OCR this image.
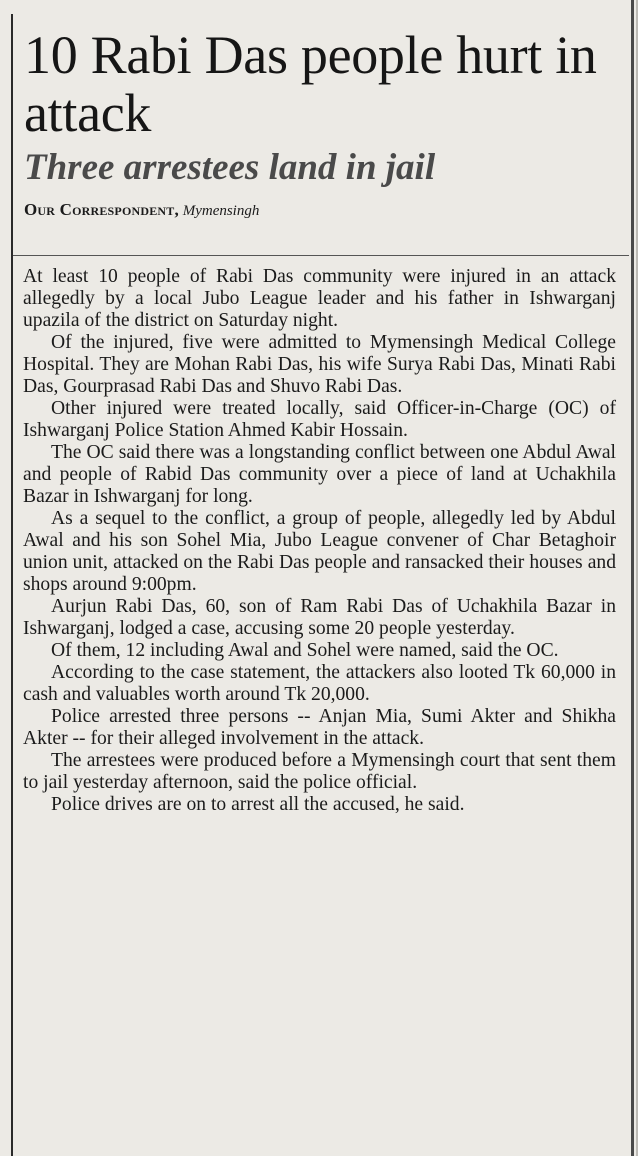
10 Rabi Das people hurt in attack
Three arrestees land in jail
Our Correspondent, Mymensingh

At least 10 people of Rabi Das community were injured in an attack allegedly by a local Jubo League leader and his father in Ishwarganj upazila of the district on Saturday night.

Of the injured, five were admitted to Mymensingh Medical College Hospital. They are Mohan Rabi Das, his wife Surya Rabi Das, Minati Rabi Das, Gourprasad Rabi Das and Shuvo Rabi Das.

Other injured were treated locally, said Officer-in-Charge (OC) of Ishwarganj Police Station Ahmed Kabir Hossain.

The OC said there was a longstanding conflict between one Abdul Awal and people of Rabid Das community over a piece of land at Uchakhila Bazar in Ishwarganj for long.

As a sequel to the conflict, a group of people, allegedly led by Abdul Awal and his son Sohel Mia, Jubo League convener of Char Betaghoir union unit, attacked on the Rabi Das people and ransacked their houses and shops around 9:00pm.

Aurjun Rabi Das, 60, son of Ram Rabi Das of Uchakhila Bazar in Ishwarganj, lodged a case, accusing some 20 people yesterday.

Of them, 12 including Awal and Sohel were named, said the OC.

According to the case statement, the attackers also looted Tk 60,000 in cash and valuables worth around Tk 20,000.

Police arrested three persons -- Anjan Mia, Sumi Akter and Shikha Akter -- for their alleged involvement in the attack.

The arrestees were produced before a Mymensingh court that sent them to jail yesterday afternoon, said the police official.

Police drives are on to arrest all the accused, he said.
